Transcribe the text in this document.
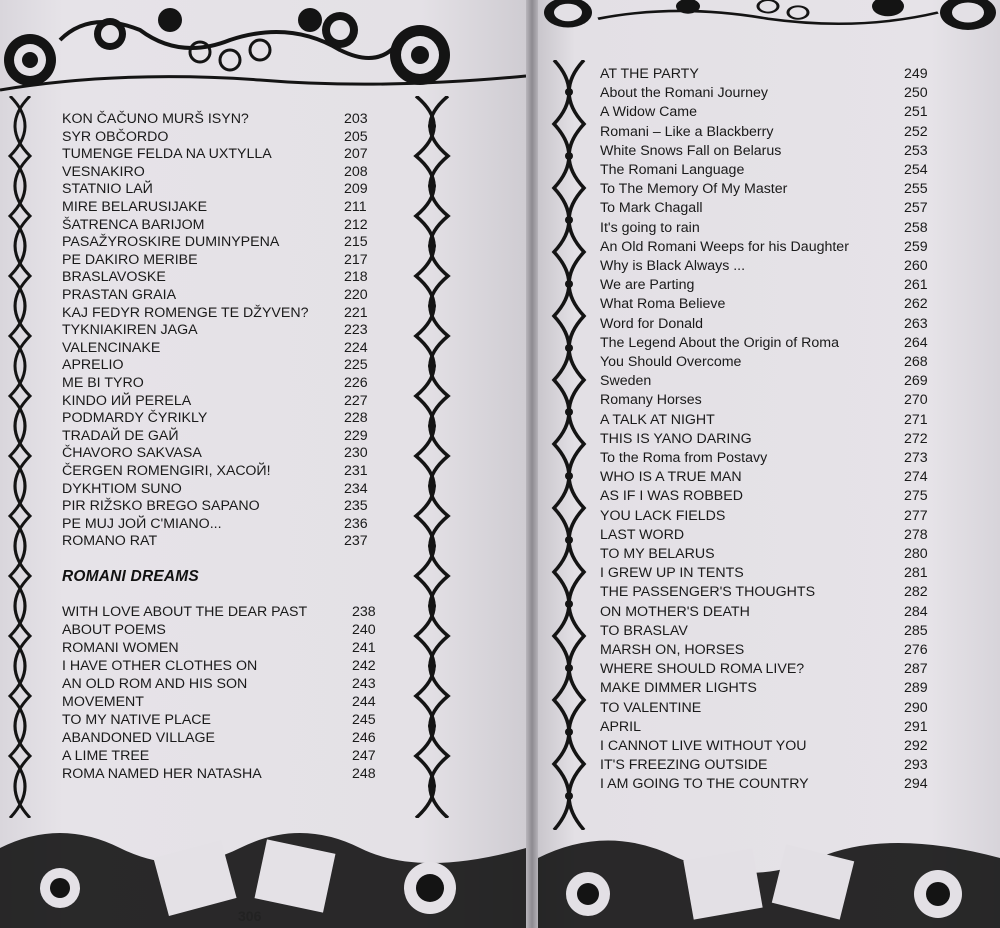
306
KON ČAČUNO MURŠ ISYN?	203
SYR OBČORDO	205
TUMENGE FELDA NA UXTYLLA	207
VESNAKIRO	208
STATNIO LAЙ	209
MIRE BELARUSIJAKE	211
ŠATRENCA BARIJOM	212
PASAŽYROSKIRE DUMINYPENA	215
PE DAKIRO MERIBE	217
BRASLAVOSKE	218
PRASTAN GRAIA	220
KAJ FEDYR ROMENGE TE DŽYVEN?	221
TYKNIAKIREN JAGA	223
VALENCINAKE	224
APRELIO	225
ME BI TYRO	226
KINDO ИЙ PERELA	227
PODMARDY ČYRIKLY	228
TRADAЙ DE GAЙ	229
ČHAVORO SAKVASA	230
ČERGEN ROMENGIRI, XAСОЙ!	231
DYKHTIOM SUNO	234
PIR RIŽSKO BREGO SAPANO	235
PE MUJ JОЙ C'MIANO...	236
ROMANO RAT	237
ROMANI DREAMS
WITH LOVE ABOUT THE DEAR PAST	238
ABOUT POEMS	240
ROMANI WOMEN	241
I HAVE OTHER CLOTHES ON	242
AN OLD ROM AND HIS SON	243
MOVEMENT	244
TO MY NATIVE PLACE	245
ABANDONED VILLAGE	246
A LIME TREE	247
ROMA NAMED HER NATASHA	248
AT THE PARTY	249
About the Romani Journey	250
A Widow Came	251
Romani – Like a Blackberry	252
White Snows Fall on Belarus	253
The Romani Language	254
To The Memory Of My Master	255
To Mark Chagall	257
It's going to rain	258
An Old Romani Weeps for his Daughter	259
Why is Black Always ...	260
We are Parting	261
What Roma Believe	262
Word for Donald	263
The Legend About the Origin of Roma	264
You Should Overcome	268
Sweden	269
Romany Horses	270
A TALK AT NIGHT	271
THIS IS YANO DARING	272
To the Roma from Postavy	273
WHO IS A TRUE MAN	274
AS IF I WAS ROBBED	275
YOU LACK FIELDS	277
LAST WORD	278
TO MY BELARUS	280
I GREW UP IN TENTS	281
THE PASSENGER'S THOUGHTS	282
ON MOTHER'S DEATH	284
TO BRASLAV	285
MARSH ON, HORSES	276
WHERE SHOULD ROMA LIVE?	287
MAKE DIMMER LIGHTS	289
TO VALENTINE	290
APRIL	291
I CANNOT LIVE WITHOUT YOU	292
IT'S FREEZING OUTSIDE	293
I AM GOING TO THE COUNTRY	294
